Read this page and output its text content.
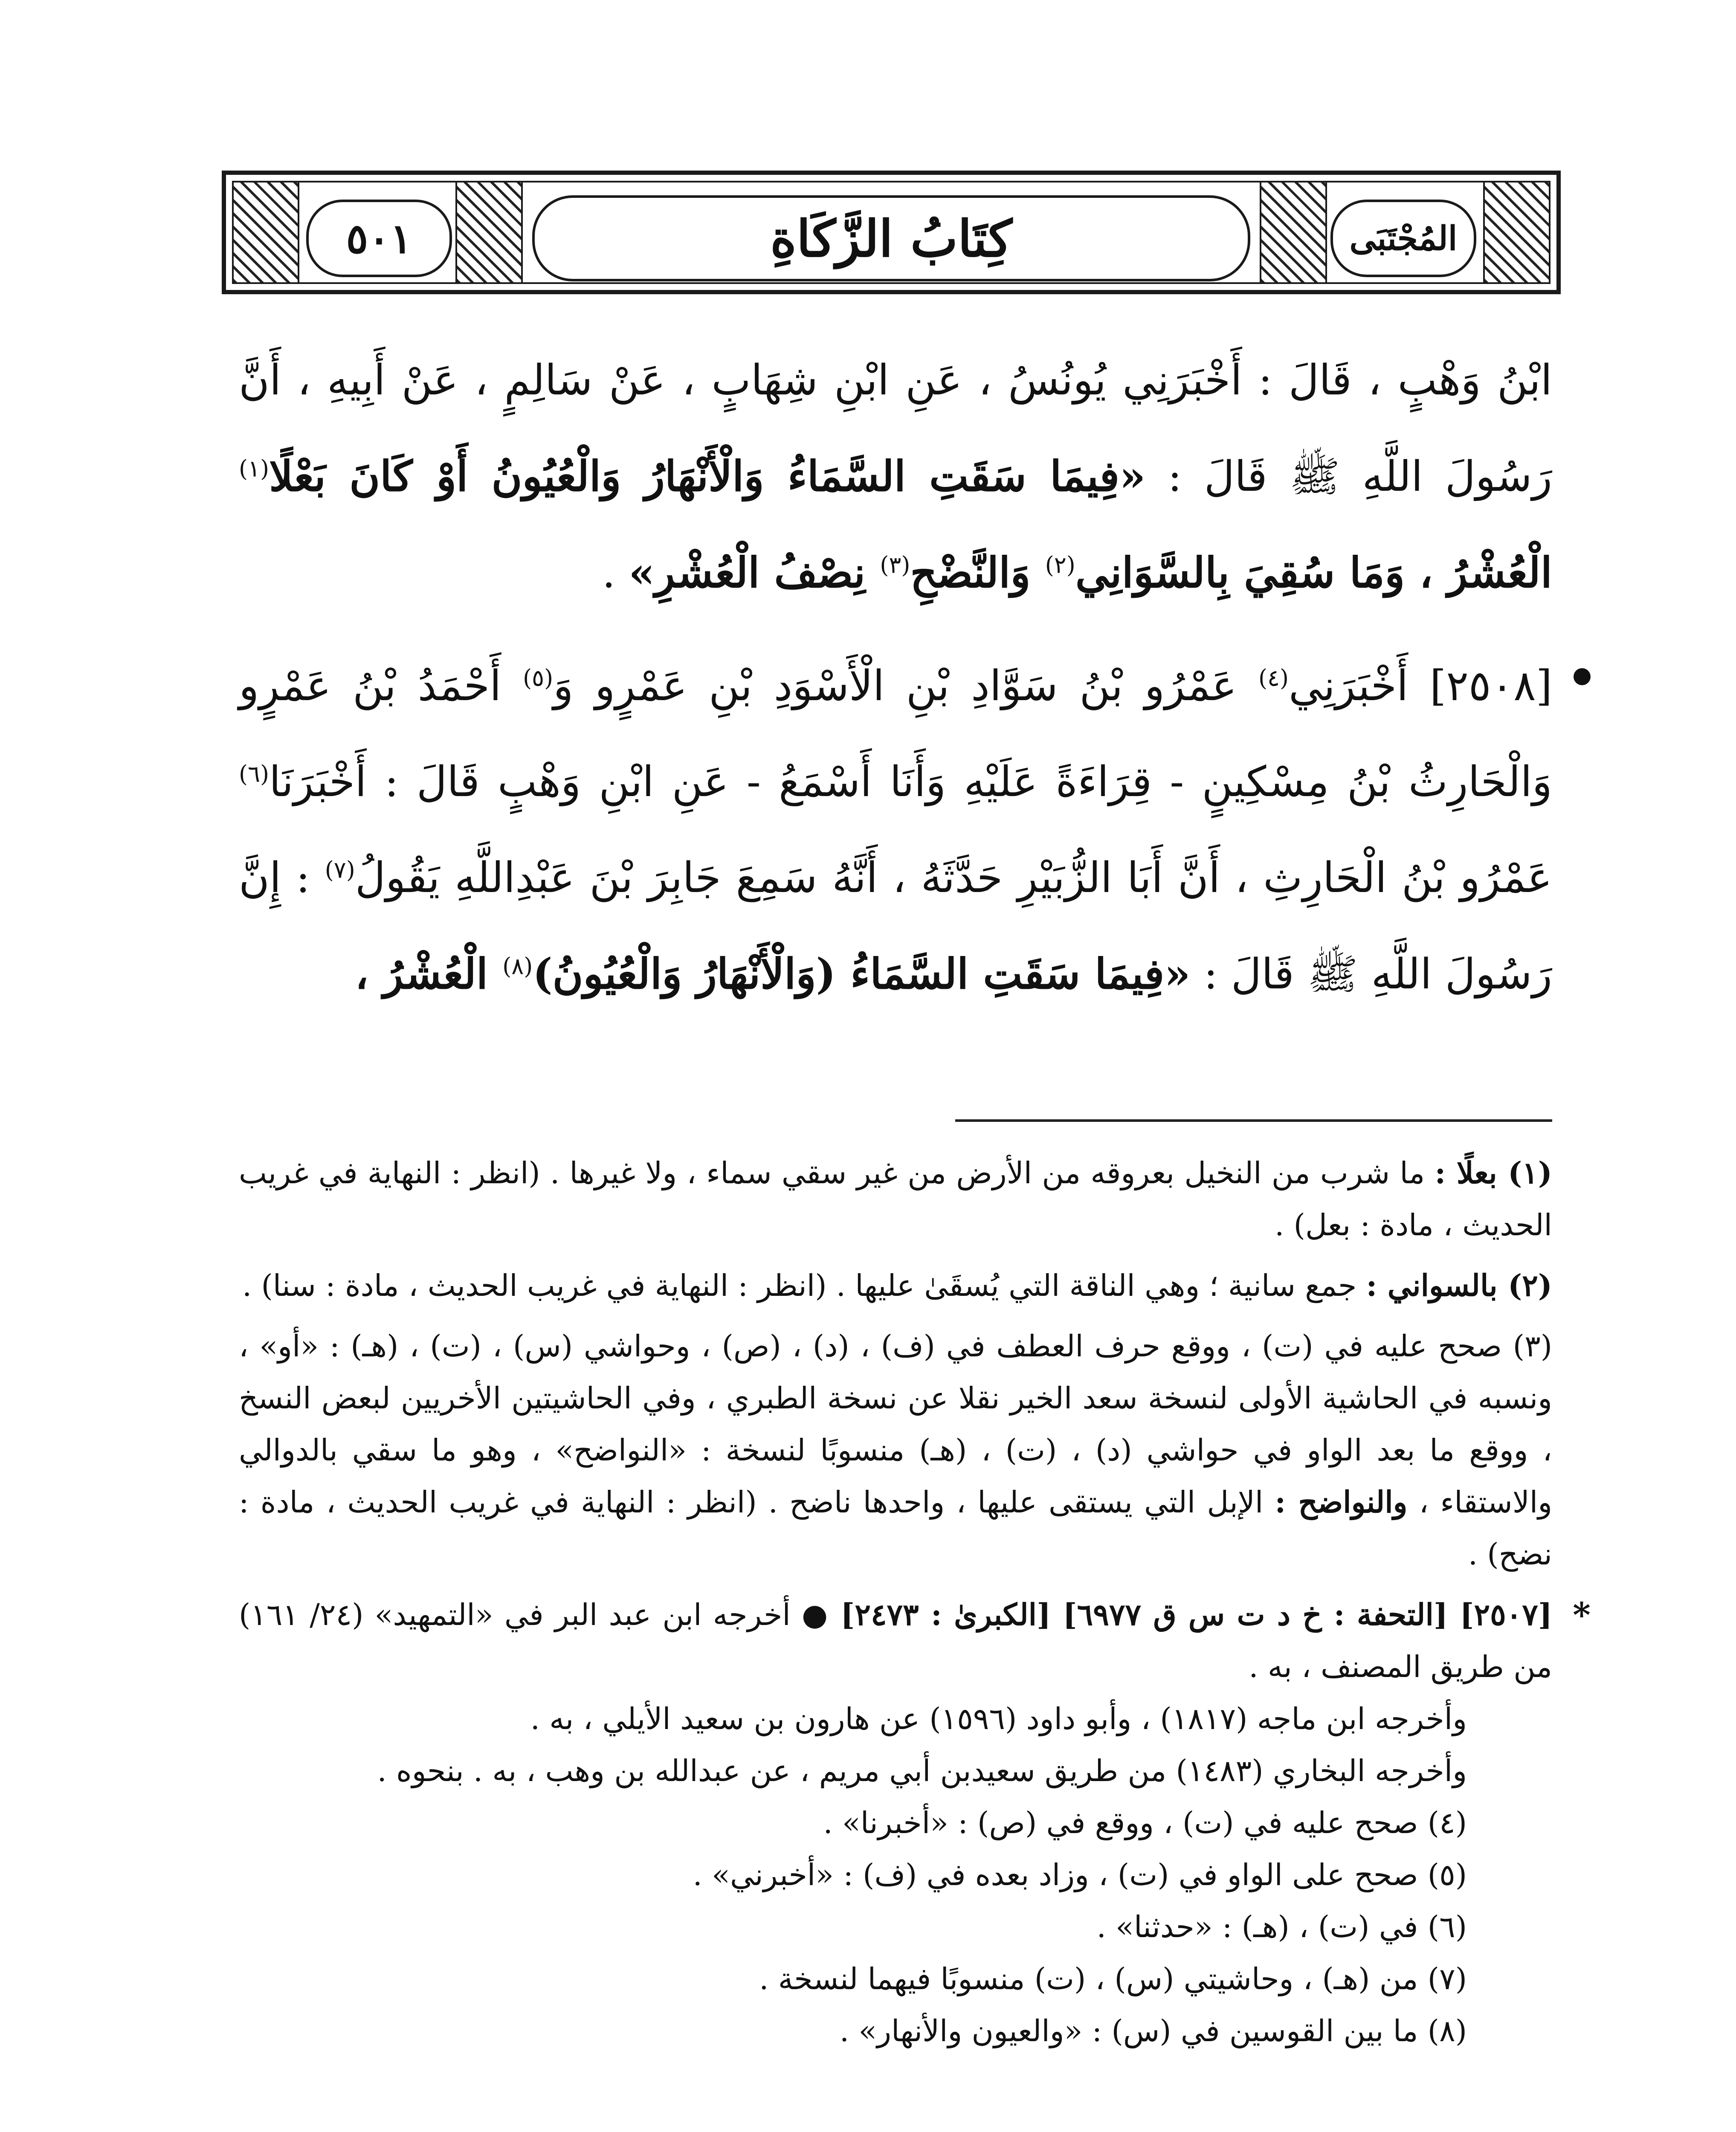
٥٠١	كِتَابُ الزَّكَاةِ	المُجْتَبَى

ابْنُ وَهْبٍ ، قَالَ : أَخْبَرَنِي يُونُسُ ، عَنِ ابْنِ شِهَابٍ ، عَنْ سَالِمٍ ، عَنْ أَبِيهِ ، أَنَّ رَسُولَ اللَّهِ ﷺ قَالَ : «فِيمَا سَقَتِ السَّمَاءُ وَالْأَنْهَارُ وَالْعُيُونُ أَوْ كَانَ بَعْلًا$^{(١)}$ الْعُشْرُ ، وَمَا سُقِيَ بِالسَّوَانِي$^{(٢)}$ وَالنَّضْحِ$^{(٣)}$ نِصْفُ الْعُشْرِ» .

[٢٥٠٨] أَخْبَرَنِي$^{(٤)}$ عَمْرُو بْنُ سَوَّادِ بْنِ الْأَسْوَدِ بْنِ عَمْرٍو وَ$^{(٥)}$ أَحْمَدُ بْنُ عَمْرٍو وَالْحَارِثُ بْنُ مِسْكِينٍ - قِرَاءَةً عَلَيْهِ وَأَنَا أَسْمَعُ - عَنِ ابْنِ وَهْبٍ قَالَ : أَخْبَرَنَا$^{(٦)}$ عَمْرُو بْنُ الْحَارِثِ ، أَنَّ أَبَا الزُّبَيْرِ حَدَّثَهُ ، أَنَّهُ سَمِعَ جَابِرَ بْنَ عَبْدِاللَّهِ يَقُولُ$^{(٧)}$ : إِنَّ رَسُولَ اللَّهِ ﷺ قَالَ : «فِيمَا سَقَتِ السَّمَاءُ (وَالْأَنْهَارُ وَالْعُيُونُ)$^{(٨)}$ الْعُشْرُ ،

(١) بعلًا : ما شرب من النخيل بعروقه من الأرض من غير سقي سماء ، ولا غيرها . (انظر : النهاية في غريب الحديث ، مادة : بعل) .

(٢) بالسواني : جمع سانية ؛ وهي الناقة التي يُسقَىٰ عليها . (انظر : النهاية في غريب الحديث ، مادة : سنا) .

(٣) صحح عليه في (ت) ، ووقع حرف العطف في (ف) ، (د) ، (ص) ، وحواشي (س) ، (ت) ، (هـ) : «أو» ، ونسبه في الحاشية الأولى لنسخة سعد الخير نقلا عن نسخة الطبري ، وفي الحاشيتين الأخريين لبعض النسخ ، ووقع ما بعد الواو في حواشي (د) ، (ت) ، (هـ) منسوبًا لنسخة : «النواضح» ، وهو ما سقي بالدوالي والاستقاء ، والنواضح : الإبل التي يستقى عليها ، واحدها ناضح . (انظر : النهاية في غريب الحديث ، مادة : نضح) .

*
[٢٥٠٧] [التحفة : خ د ت س ق ٦٩٧٧] [الكبرىٰ : ٢٤٧٣] ● أخرجه ابن عبد البر في «التمهيد» (٢٤/ ١٦١) من طريق المصنف ، به .

وأخرجه ابن ماجه (١٨١٧) ، وأبو داود (١٥٩٦) عن هارون بن سعيد الأيلي ، به .

وأخرجه البخاري (١٤٨٣) من طريق سعيدبن أبي مريم ، عن عبدالله بن وهب ، به . بنحوه .

(٤) صحح عليه في (ت) ، ووقع في (ص) : «أخبرنا» .

(٥) صحح على الواو في (ت) ، وزاد بعده في (ف) : «أخبرني» .

(٦) في (ت) ، (هـ) : «حدثنا» .

(٧) من (هـ) ، وحاشيتي (س) ، (ت) منسوبًا فيهما لنسخة .

(٨) ما بين القوسين في (س) : «والعيون والأنهار» .
